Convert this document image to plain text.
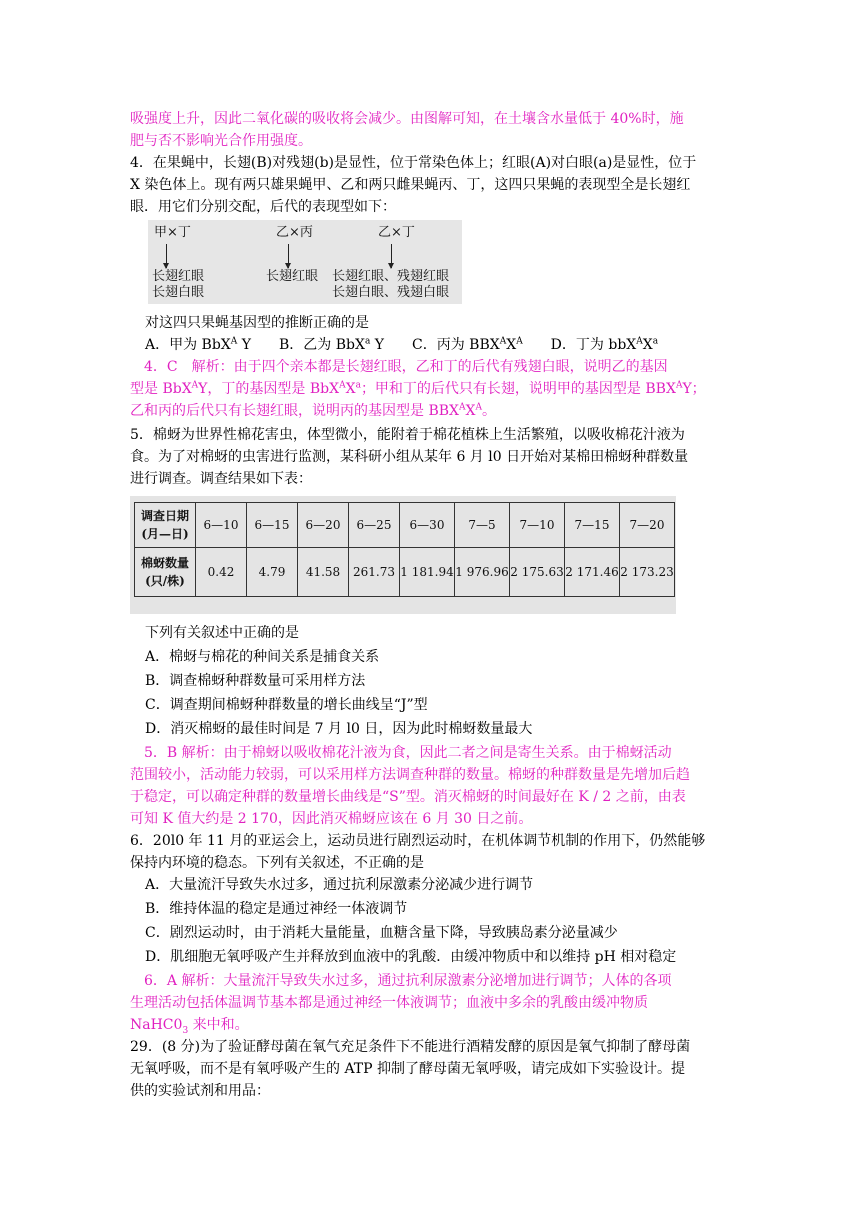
吸强度上升，因此二氧化碳的吸收将会减少。由图解可知，在土壤含水量低于 40%时，施
肥与否不影响光合作用强度。
4．在果蝇中，长翅(B)对残翅(b)是显性，位于常染色体上；红眼(A)对白眼(a)是显性，位于
X 染色体上。现有两只雄果蝇甲、乙和两只雌果蝇丙、丁，这四只果蝇的表现型全是长翅红
眼．用它们分别交配，后代的表现型如下：
甲×丁
长翅红眼
长翅白眼
乙×丙
长翅红眼
乙×丁
长翅红眼、残翅红眼
长翅白眼、残翅白眼
对这四只果蝇基因型的推断正确的是
A．甲为 BbX$^A$ Y　　B．乙为 BbX$^a$ Y　　C．丙为 $BBX^AX^A$　　D．丁为 $bbX^AX^a$
　4．C　解析：由于四个亲本都是长翅红眼，乙和丁的后代有残翅白眼，说明乙的基因
型是 BbX$^A$Y，丁的基因型是 $BbX^AX^a$；甲和丁的后代只有长翅，说明甲的基因型是 $BBX^AY$；
乙和丙的后代只有长翅红眼，说明丙的基因型是 $BBX^AX^A$。
5．棉蚜为世界性棉花害虫，体型微小，能附着于棉花植株上生活繁殖，以吸收棉花汁液为
食。为了对棉蚜的虫害进行监测，某科研小组从某年 6 月 l0 日开始对某棉田棉蚜种群数量
进行调查。调查结果如下表：
调查日期
(月—日)	6—10	6—15	6—20	6—25	6—30	7—5	7—10	7—15	7—20
棉蚜数量
(只/株)	0.42	4.79	41.58	261.73	1 181.94	1 976.96	2 175.63	2 171.46	2 173.23
下列有关叙述中正确的是
A．棉蚜与棉花的种间关系是捕食关系
B．调查棉蚜种群数量可采用样方法
C．调查期间棉蚜种群数量的增长曲线呈“J”型
D．消灭棉蚜的最佳时间是 7 月 l0 日，因为此时棉蚜数量最大
　5．B 解析：由于棉蚜以吸收棉花汁液为食，因此二者之间是寄生关系。由于棉蚜活动
范围较小，活动能力较弱，可以采用样方法调查种群的数量。棉蚜的种群数量是先增加后趋
于稳定，可以确定种群的数量增长曲线是“S”型。消灭棉蚜的时间最好在 K / 2 之前，由表
可知 K 值大约是 2 170，因此消灭棉蚜应该在 6 月 30 日之前。
6．20l0 年 11 月的亚运会上，运动员进行剧烈运动时，在机体调节机制的作用下，仍然能够
保持内环境的稳态。下列有关叙述，不正确的是
A．大量流汗导致失水过多，通过抗利尿激素分泌减少进行调节
B．维持体温的稳定是通过神经一体液调节
C．剧烈运动时，由于消耗大量能量，血糖含量下降，导致胰岛素分泌量减少
D．肌细胞无氧呼吸产生并释放到血液中的乳酸．由缓冲物质中和以维持 pH 相对稳定
　6．A 解析：大量流汗导致失水过多，通过抗利尿激素分泌增加进行调节；人体的各项
生理活动包括体温调节基本都是通过神经一体液调节；血液中多余的乳酸由缓冲物质
$NaHC0_3$ 来中和。
29．(8 分)为了验证酵母菌在氧气充足条件下不能进行酒精发酵的原因是氧气抑制了酵母菌
无氧呼吸，而不是有氧呼吸产生的 ATP 抑制了酵母菌无氧呼吸，请完成如下实验设计。提
供的实验试剂和用品：
